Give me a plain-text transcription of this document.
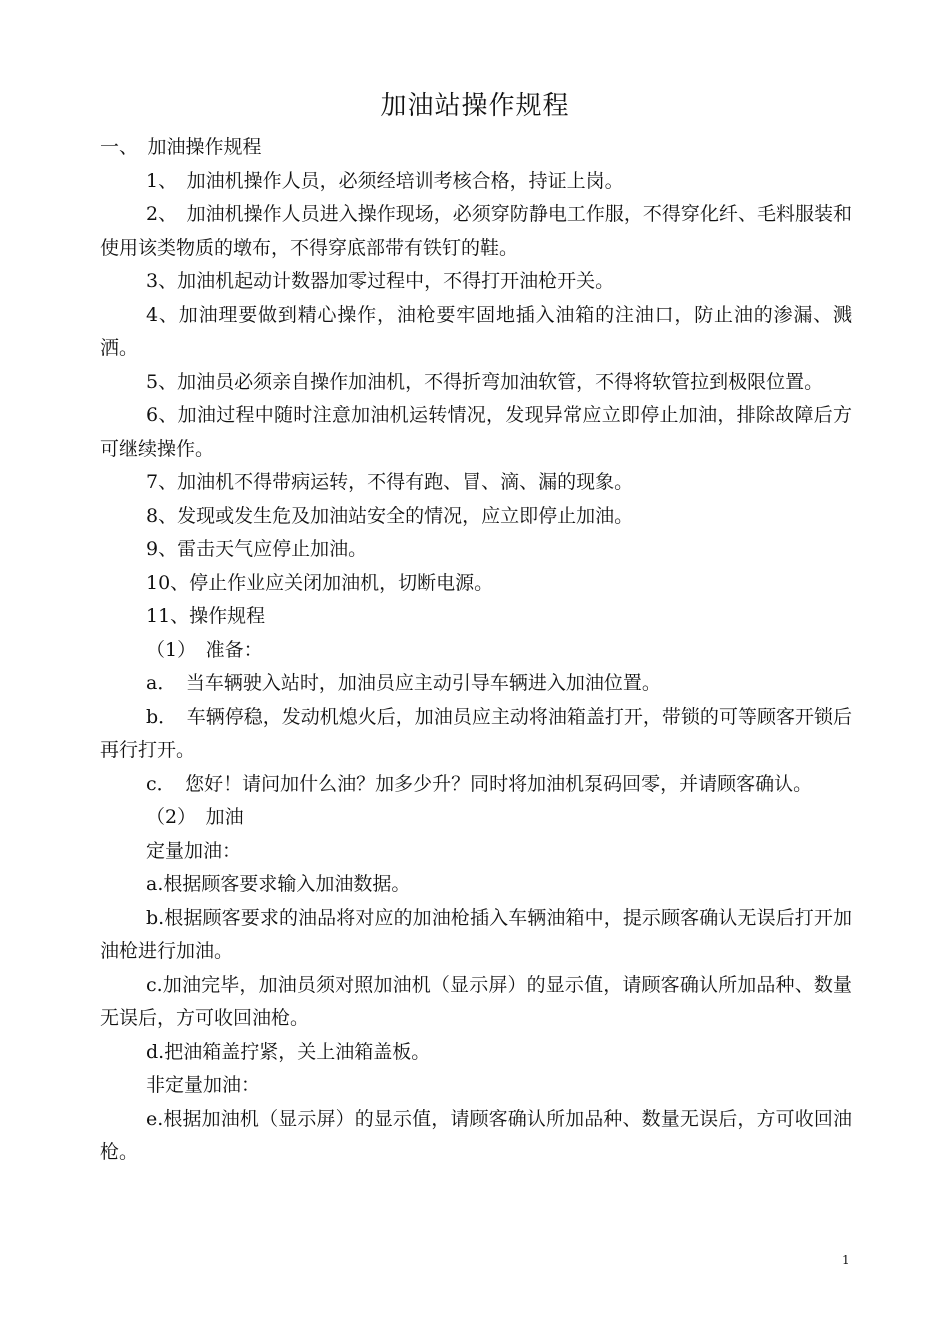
加油站操作规程

一、　加油操作规程

1、　加油机操作人员，必须经培训考核合格，持证上岗。

2、　加油机操作人员进入操作现场，必须穿防静电工作服，不得穿化纤、毛料服装和使用该类物质的墩布，不得穿底部带有铁钉的鞋。

3、加油机起动计数器加零过程中，不得打开油枪开关。

4、加油理要做到精心操作，油枪要牢固地插入油箱的注油口，防止油的渗漏、溅洒。

5、加油员必须亲自操作加油机，不得折弯加油软管，不得将软管拉到极限位置。

6、加油过程中随时注意加油机运转情况，发现异常应立即停止加油，排除故障后方可继续操作。

7、加油机不得带病运转，不得有跑、冒、滴、漏的现象。

8、发现或发生危及加油站安全的情况，应立即停止加油。

9、雷击天气应停止加油。

10、停止作业应关闭加油机，切断电源。

11、操作规程

（1）　准备：

a．　当车辆驶入站时，加油员应主动引导车辆进入加油位置。

b．　车辆停稳，发动机熄火后，加油员应主动将油箱盖打开，带锁的可等顾客开锁后再行打开。

c．　您好！请问加什么油？加多少升？同时将加油机泵码回零，并请顾客确认。

（2）　加油

定量加油：

a.根据顾客要求输入加油数据。

b.根据顾客要求的油品将对应的加油枪插入车辆油箱中，提示顾客确认无误后打开加油枪进行加油。

c.加油完毕，加油员须对照加油机（显示屏）的显示值，请顾客确认所加品种、数量无误后，方可收回油枪。

d.把油箱盖拧紧，关上油箱盖板。

非定量加油：

e.根据加油机（显示屏）的显示值，请顾客确认所加品种、数量无误后，方可收回油枪。

1
